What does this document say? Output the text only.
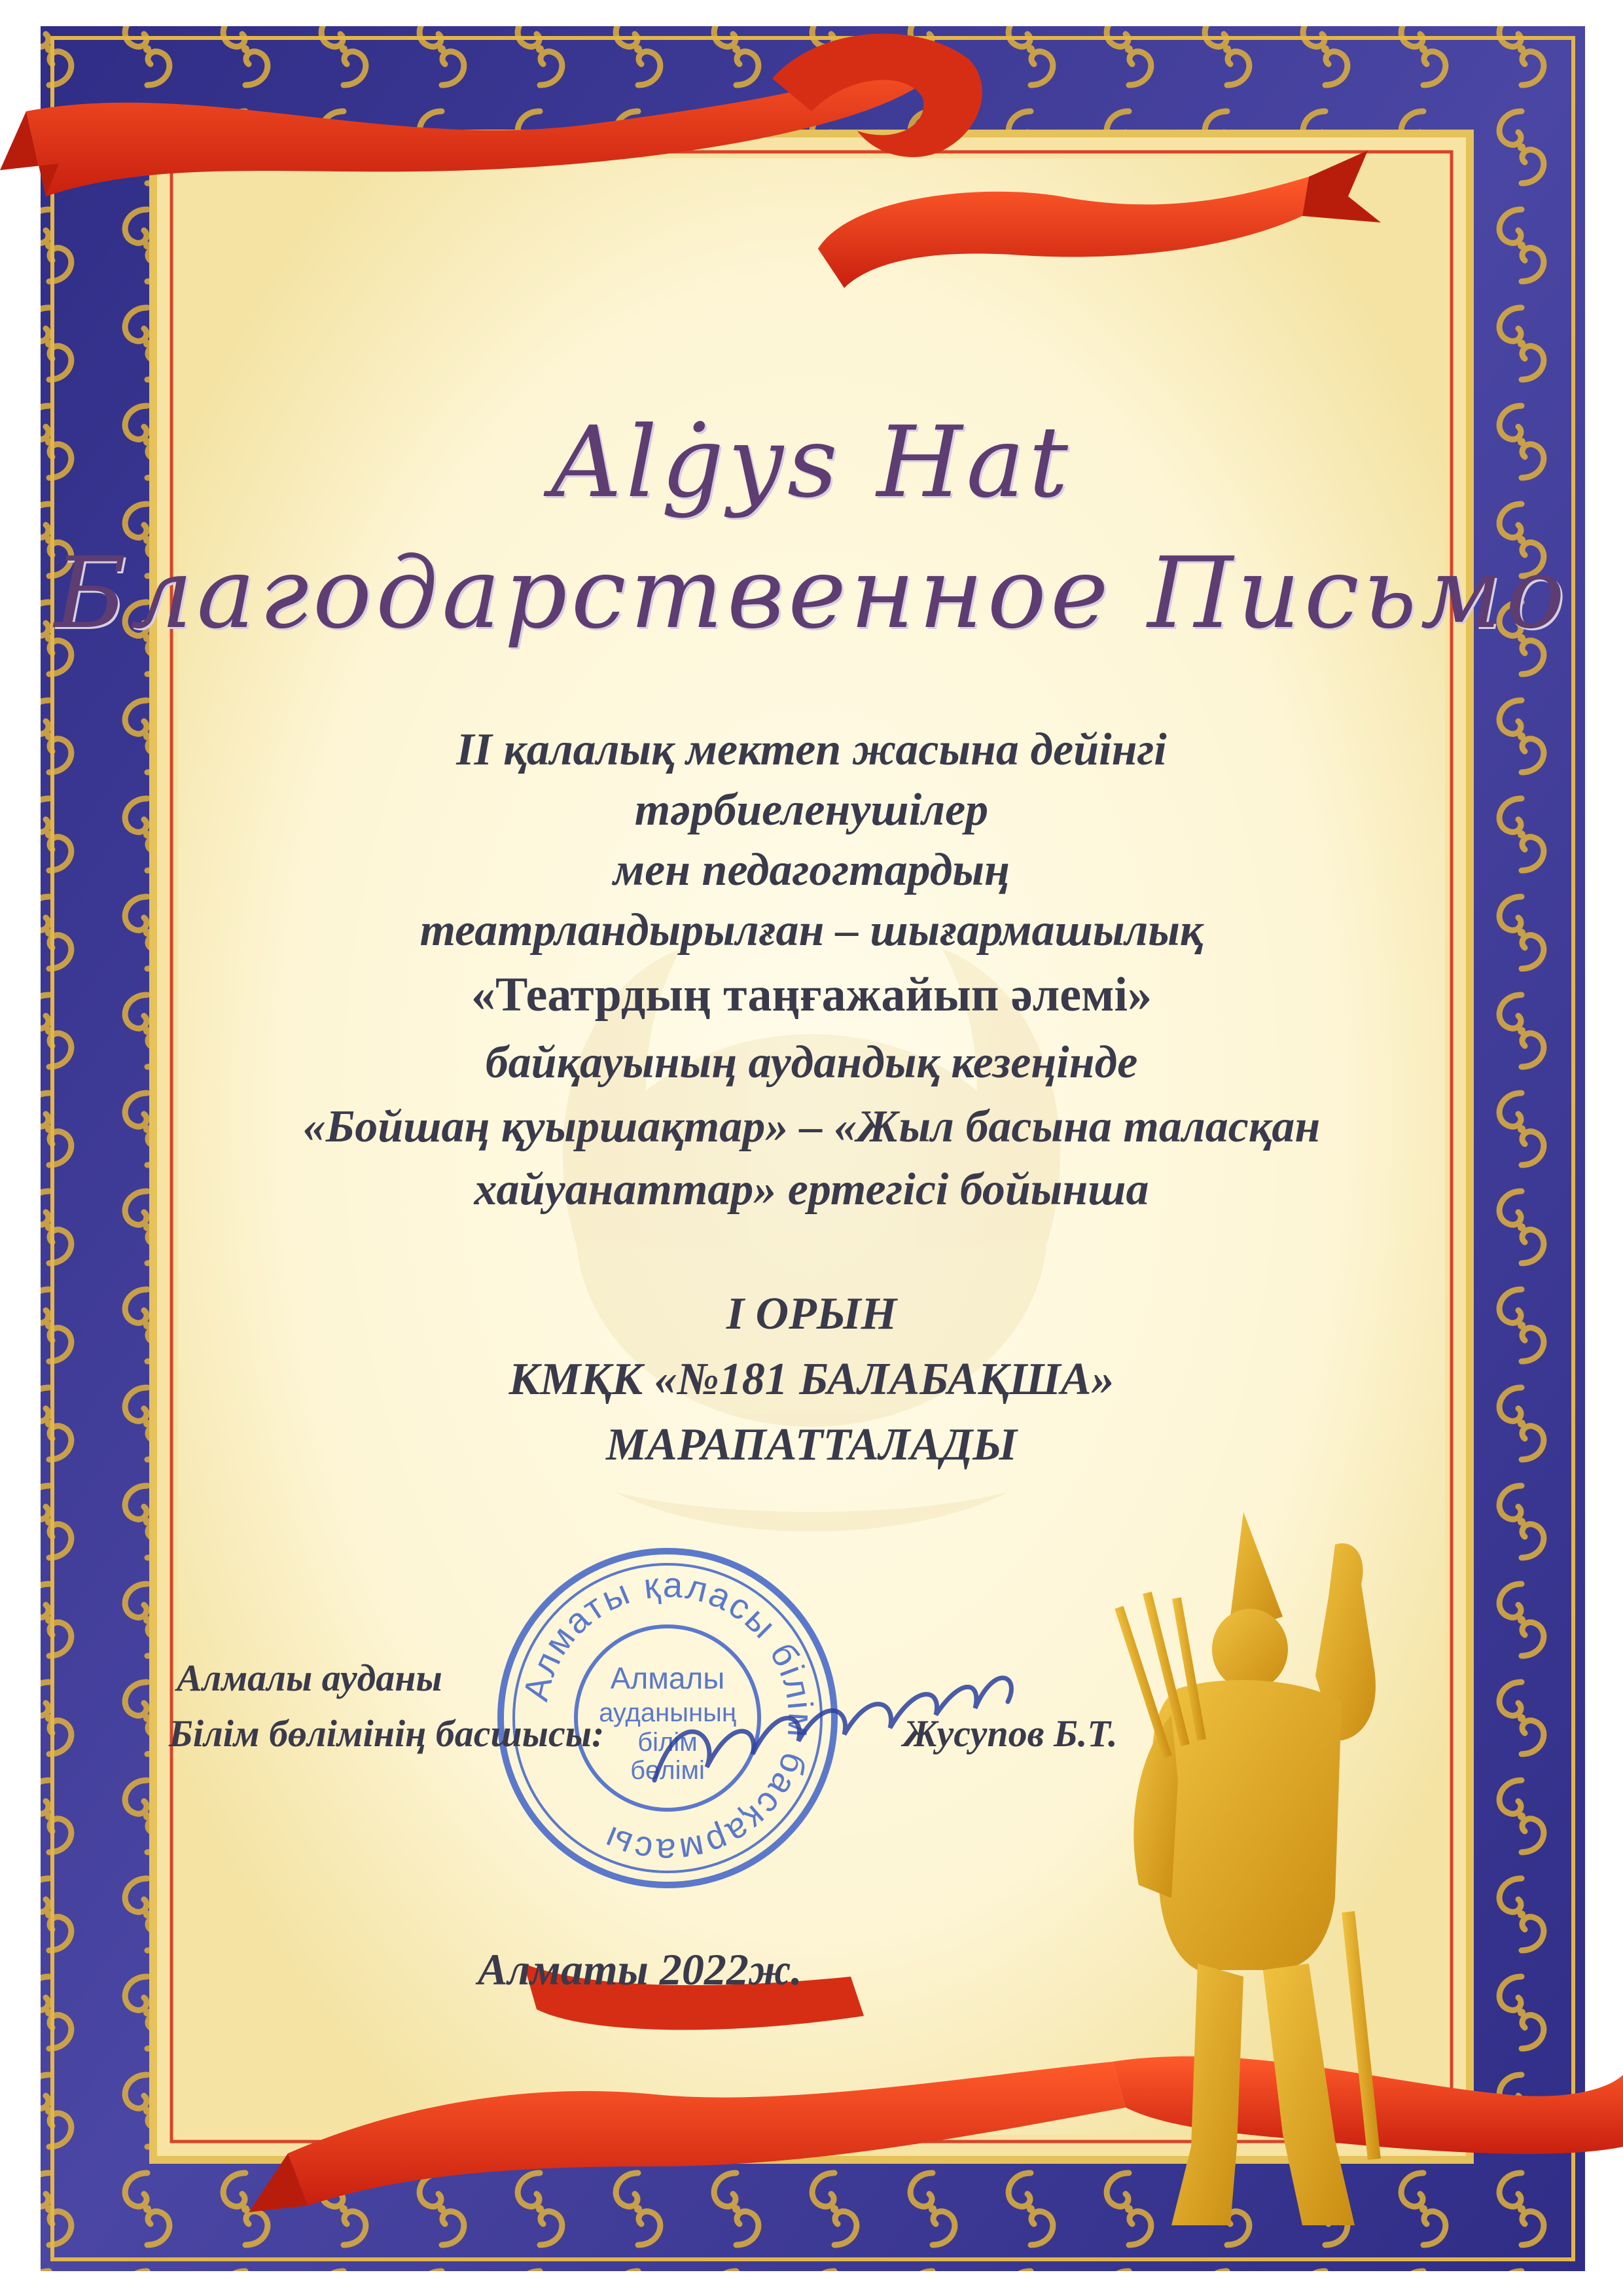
Алматы қаласы білім басқармасы
Алмалы
ауданының
білім
бөлімі
Alġys Hat
Благодарственное Письмо
II қалалық мектеп жасына дейінгі
тәрбиеленушілер
мен педагогтардың
театрландырылған – шығармашылық
«Театрдың таңғажайып әлемі»
байқауының аудандық кезеңінде
«Бойшаң қуыршақтар» – «Жыл басына таласқан
хайуанаттар» ертегісі бойынша
І ОРЫН
КМҚК «№181 БАЛАБАҚША»
МАРАПАТТАЛАДЫ
Алмалы ауданы
Білім бөлімінің басшысы:	Жусупов Б.Т.
Алматы 2022ж.
